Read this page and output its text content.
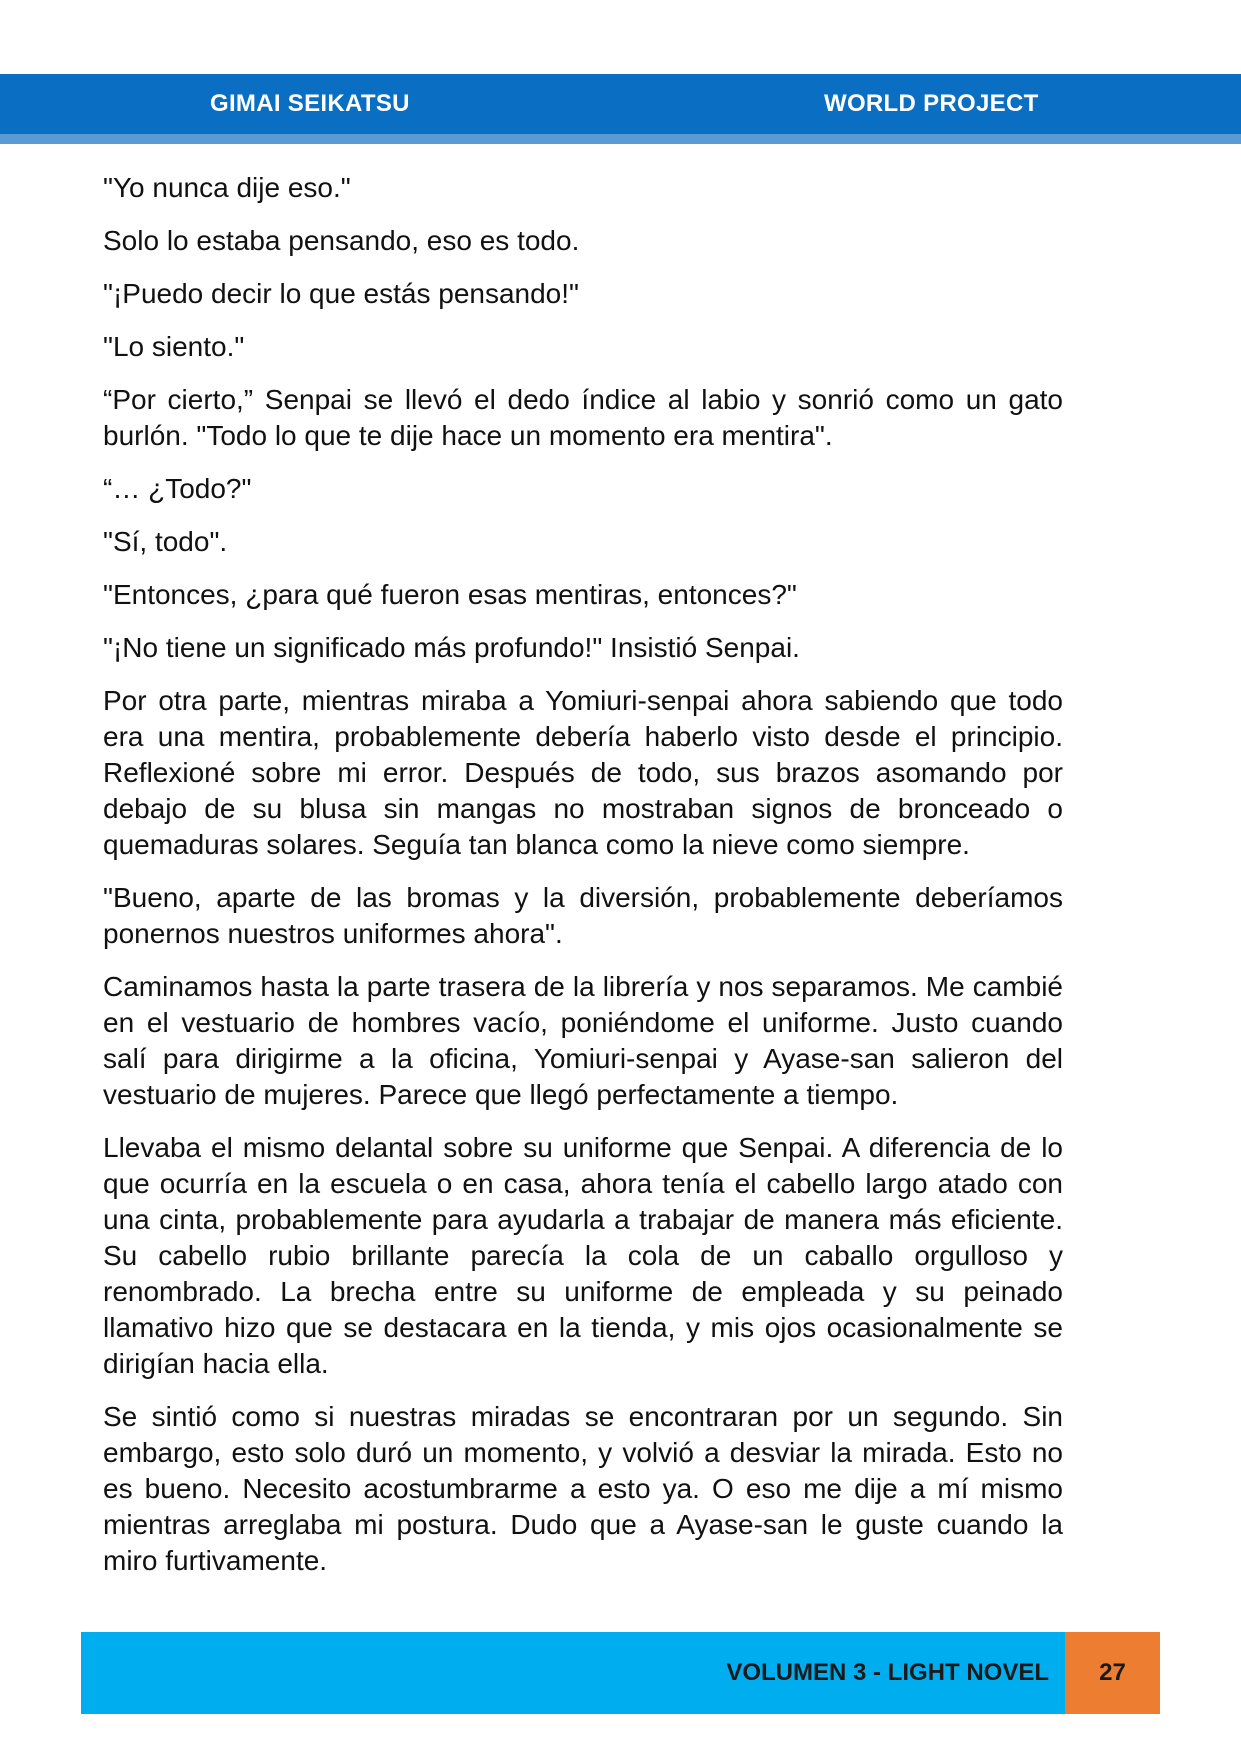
GIMAI SEIKATSU	WORLD PROJECT

"Yo nunca dije eso."

Solo lo estaba pensando, eso es todo.

"¡Puedo decir lo que estás pensando!"

"Lo siento."

“Por cierto,” Senpai se llevó el dedo índice al labio y sonrió como un gato burlón. "Todo lo que te dije hace un momento era mentira".

“… ¿Todo?"

"Sí, todo".

"Entonces, ¿para qué fueron esas mentiras, entonces?"

"¡No tiene un significado más profundo!" Insistió Senpai.

Por otra parte, mientras miraba a Yomiuri-senpai ahora sabiendo que todo era una mentira, probablemente debería haberlo visto desde el principio. Reflexioné sobre mi error. Después de todo, sus brazos asomando por debajo de su blusa sin mangas no mostraban signos de bronceado o quemaduras solares. Seguía tan blanca como la nieve como siempre.

"Bueno, aparte de las bromas y la diversión, probablemente deberíamos ponernos nuestros uniformes ahora".

Caminamos hasta la parte trasera de la librería y nos separamos. Me cambié en el vestuario de hombres vacío, poniéndome el uniforme. Justo cuando salí para dirigirme a la oficina, Yomiuri-senpai y Ayase-san salieron del vestuario de mujeres. Parece que llegó perfectamente a tiempo.

Llevaba el mismo delantal sobre su uniforme que Senpai. A diferencia de lo que ocurría en la escuela o en casa, ahora tenía el cabello largo atado con una cinta, probablemente para ayudarla a trabajar de manera más eficiente. Su cabello rubio brillante parecía la cola de un caballo orgulloso y renombrado. La brecha entre su uniforme de empleada y su peinado llamativo hizo que se destacara en la tienda, y mis ojos ocasionalmente se dirigían hacia ella.

Se sintió como si nuestras miradas se encontraran por un segundo. Sin embargo, esto solo duró un momento, y volvió a desviar la mirada. Esto no es bueno. Necesito acostumbrarme a esto ya. O eso me dije a mí mismo mientras arreglaba mi postura. Dudo que a Ayase-san le guste cuando la miro furtivamente.

VOLUMEN 3 - LIGHT NOVEL	27
